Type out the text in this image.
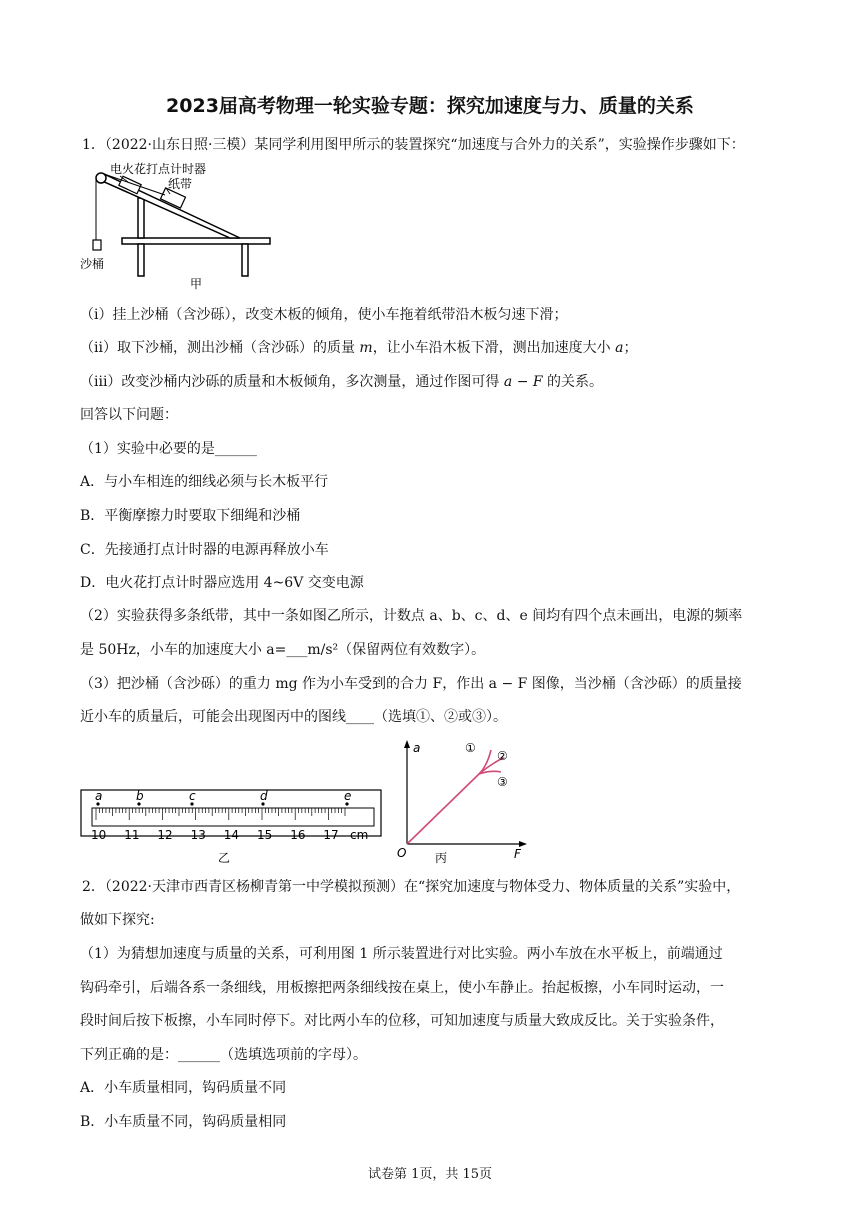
2023届高考物理一轮实验专题：探究加速度与力、质量的关系
1．（2022·山东日照·三模）某同学利用图甲所示的装置探究“加速度与合外力的关系”，实验操作步骤如下：
电火花打点计时器
纸带
沙桶
甲
（i）挂上沙桶（含沙砾），改变木板的倾角，使小车拖着纸带沿木板匀速下滑；
（ii）取下沙桶，测出沙桶（含沙砾）的质量 m，让小车沿木板下滑，测出加速度大小 a；
（iii）改变沙桶内沙砾的质量和木板倾角，多次测量，通过作图可得 a − F 的关系。
回答以下问题：
（1）实验中必要的是______
A．与小车相连的细线必须与长木板平行
B．平衡摩擦力时要取下细绳和沙桶
C．先接通打点计时器的电源再释放小车
D．电火花打点计时器应选用 4~6V 交变电源
（2）实验获得多条纸带，其中一条如图乙所示，计数点 a、b、c、d、e 间均有四个点未画出，电源的频率
是 50Hz，小车的加速度大小 a=___m/s²（保留两位有效数字）。
（3）把沙桶（含沙砾）的重力 mg 作为小车受到的合力 F，作出 a − F 图像，当沙桶（含沙砾）的质量接
近小车的质量后，可能会出现图丙中的图线____（选填①、②或③）。
a	b	c	d	e
10 11 12 13 14 15 16 17 cm
乙
a
F
O
①
②
③
丙
2．（2022·天津市西青区杨柳青第一中学模拟预测）在“探究加速度与物体受力、物体质量的关系”实验中，
做如下探究:
（1）为猜想加速度与质量的关系，可利用图 1 所示装置进行对比实验。两小车放在水平板上，前端通过
钩码牵引，后端各系一条细线，用板擦把两条细线按在桌上，使小车静止。抬起板擦，小车同时运动，一
段时间后按下板擦，小车同时停下。对比两小车的位移，可知加速度与质量大致成反比。关于实验条件，
下列正确的是：______（选填选项前的字母）。
A．小车质量相同，钩码质量不同
B．小车质量不同，钩码质量相同
试卷第 1页，共 15页
